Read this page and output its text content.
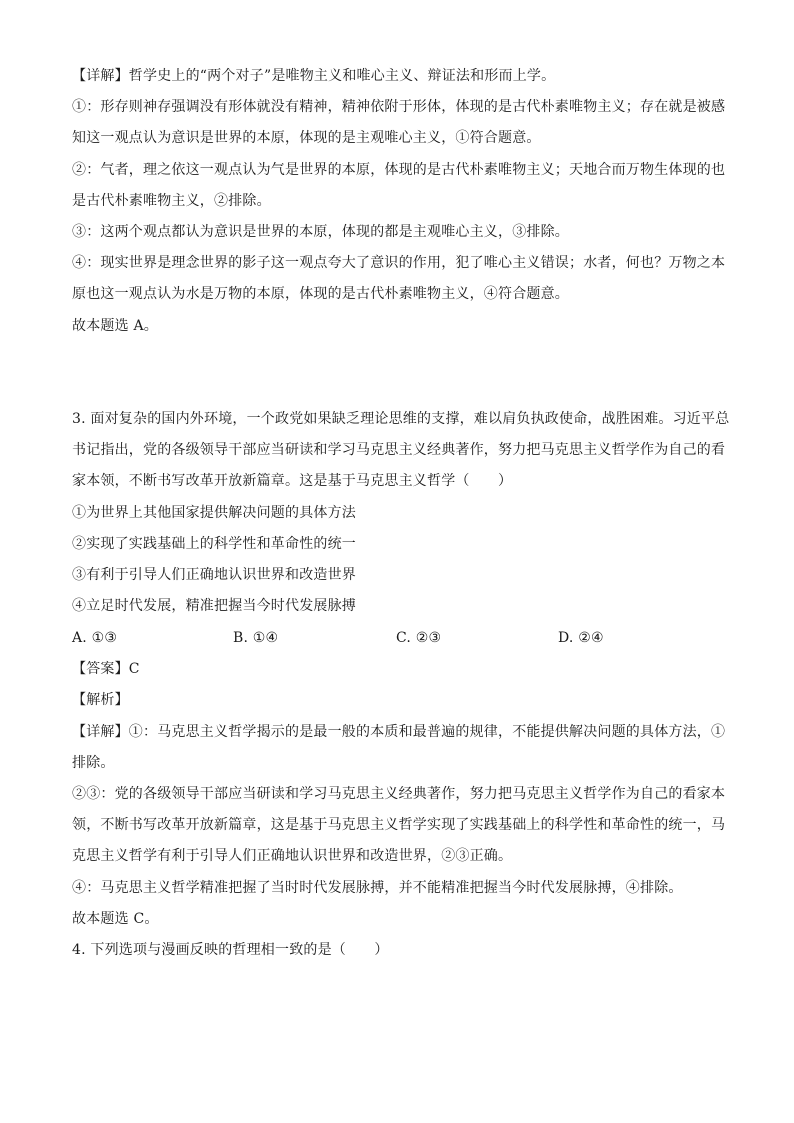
【详解】哲学史上的“两个对子”是唯物主义和唯心主义、辩证法和形而上学。

①：形存则神存强调没有形体就没有精神，精神依附于形体，体现的是古代朴素唯物主义；存在就是被感

知这一观点认为意识是世界的本原，体现的是主观唯心主义，①符合题意。

②：气者，理之依这一观点认为气是世界的本原，体现的是古代朴素唯物主义；天地合而万物生体现的也

是古代朴素唯物主义，②排除。

③：这两个观点都认为意识是世界的本原，体现的都是主观唯心主义，③排除。

④：现实世界是理念世界的影子这一观点夸大了意识的作用，犯了唯心主义错误；水者，何也？万物之本

原也这一观点认为水是万物的本原，体现的是古代朴素唯物主义，④符合题意。

故本题选 A。

3. 面对复杂的国内外环境，一个政党如果缺乏理论思维的支撑，难以肩负执政使命，战胜困难。习近平总

书记指出，党的各级领导干部应当研读和学习马克思主义经典著作，努力把马克思主义哲学作为自己的看

家本领，不断书写改革开放新篇章。这是基于马克思主义哲学（　　）

①为世界上其他国家提供解决问题的具体方法

②实现了实践基础上的科学性和革命性的统一

③有利于引导人们正确地认识世界和改造世界

④立足时代发展，精准把握当今时代发展脉搏

A. ①③	B. ①④	C. ②③	D. ②④

【答案】C

【解析】

【详解】①：马克思主义哲学揭示的是最一般的本质和最普遍的规律，不能提供解决问题的具体方法，①

排除。

②③：党的各级领导干部应当研读和学习马克思主义经典著作，努力把马克思主义哲学作为自己的看家本

领，不断书写改革开放新篇章，这是基于马克思主义哲学实现了实践基础上的科学性和革命性的统一，马

克思主义哲学有利于引导人们正确地认识世界和改造世界，②③正确。

④：马克思主义哲学精准把握了当时时代发展脉搏，并不能精准把握当今时代发展脉搏，④排除。

故本题选 C。

4. 下列选项与漫画反映的哲理相一致的是（　　）
